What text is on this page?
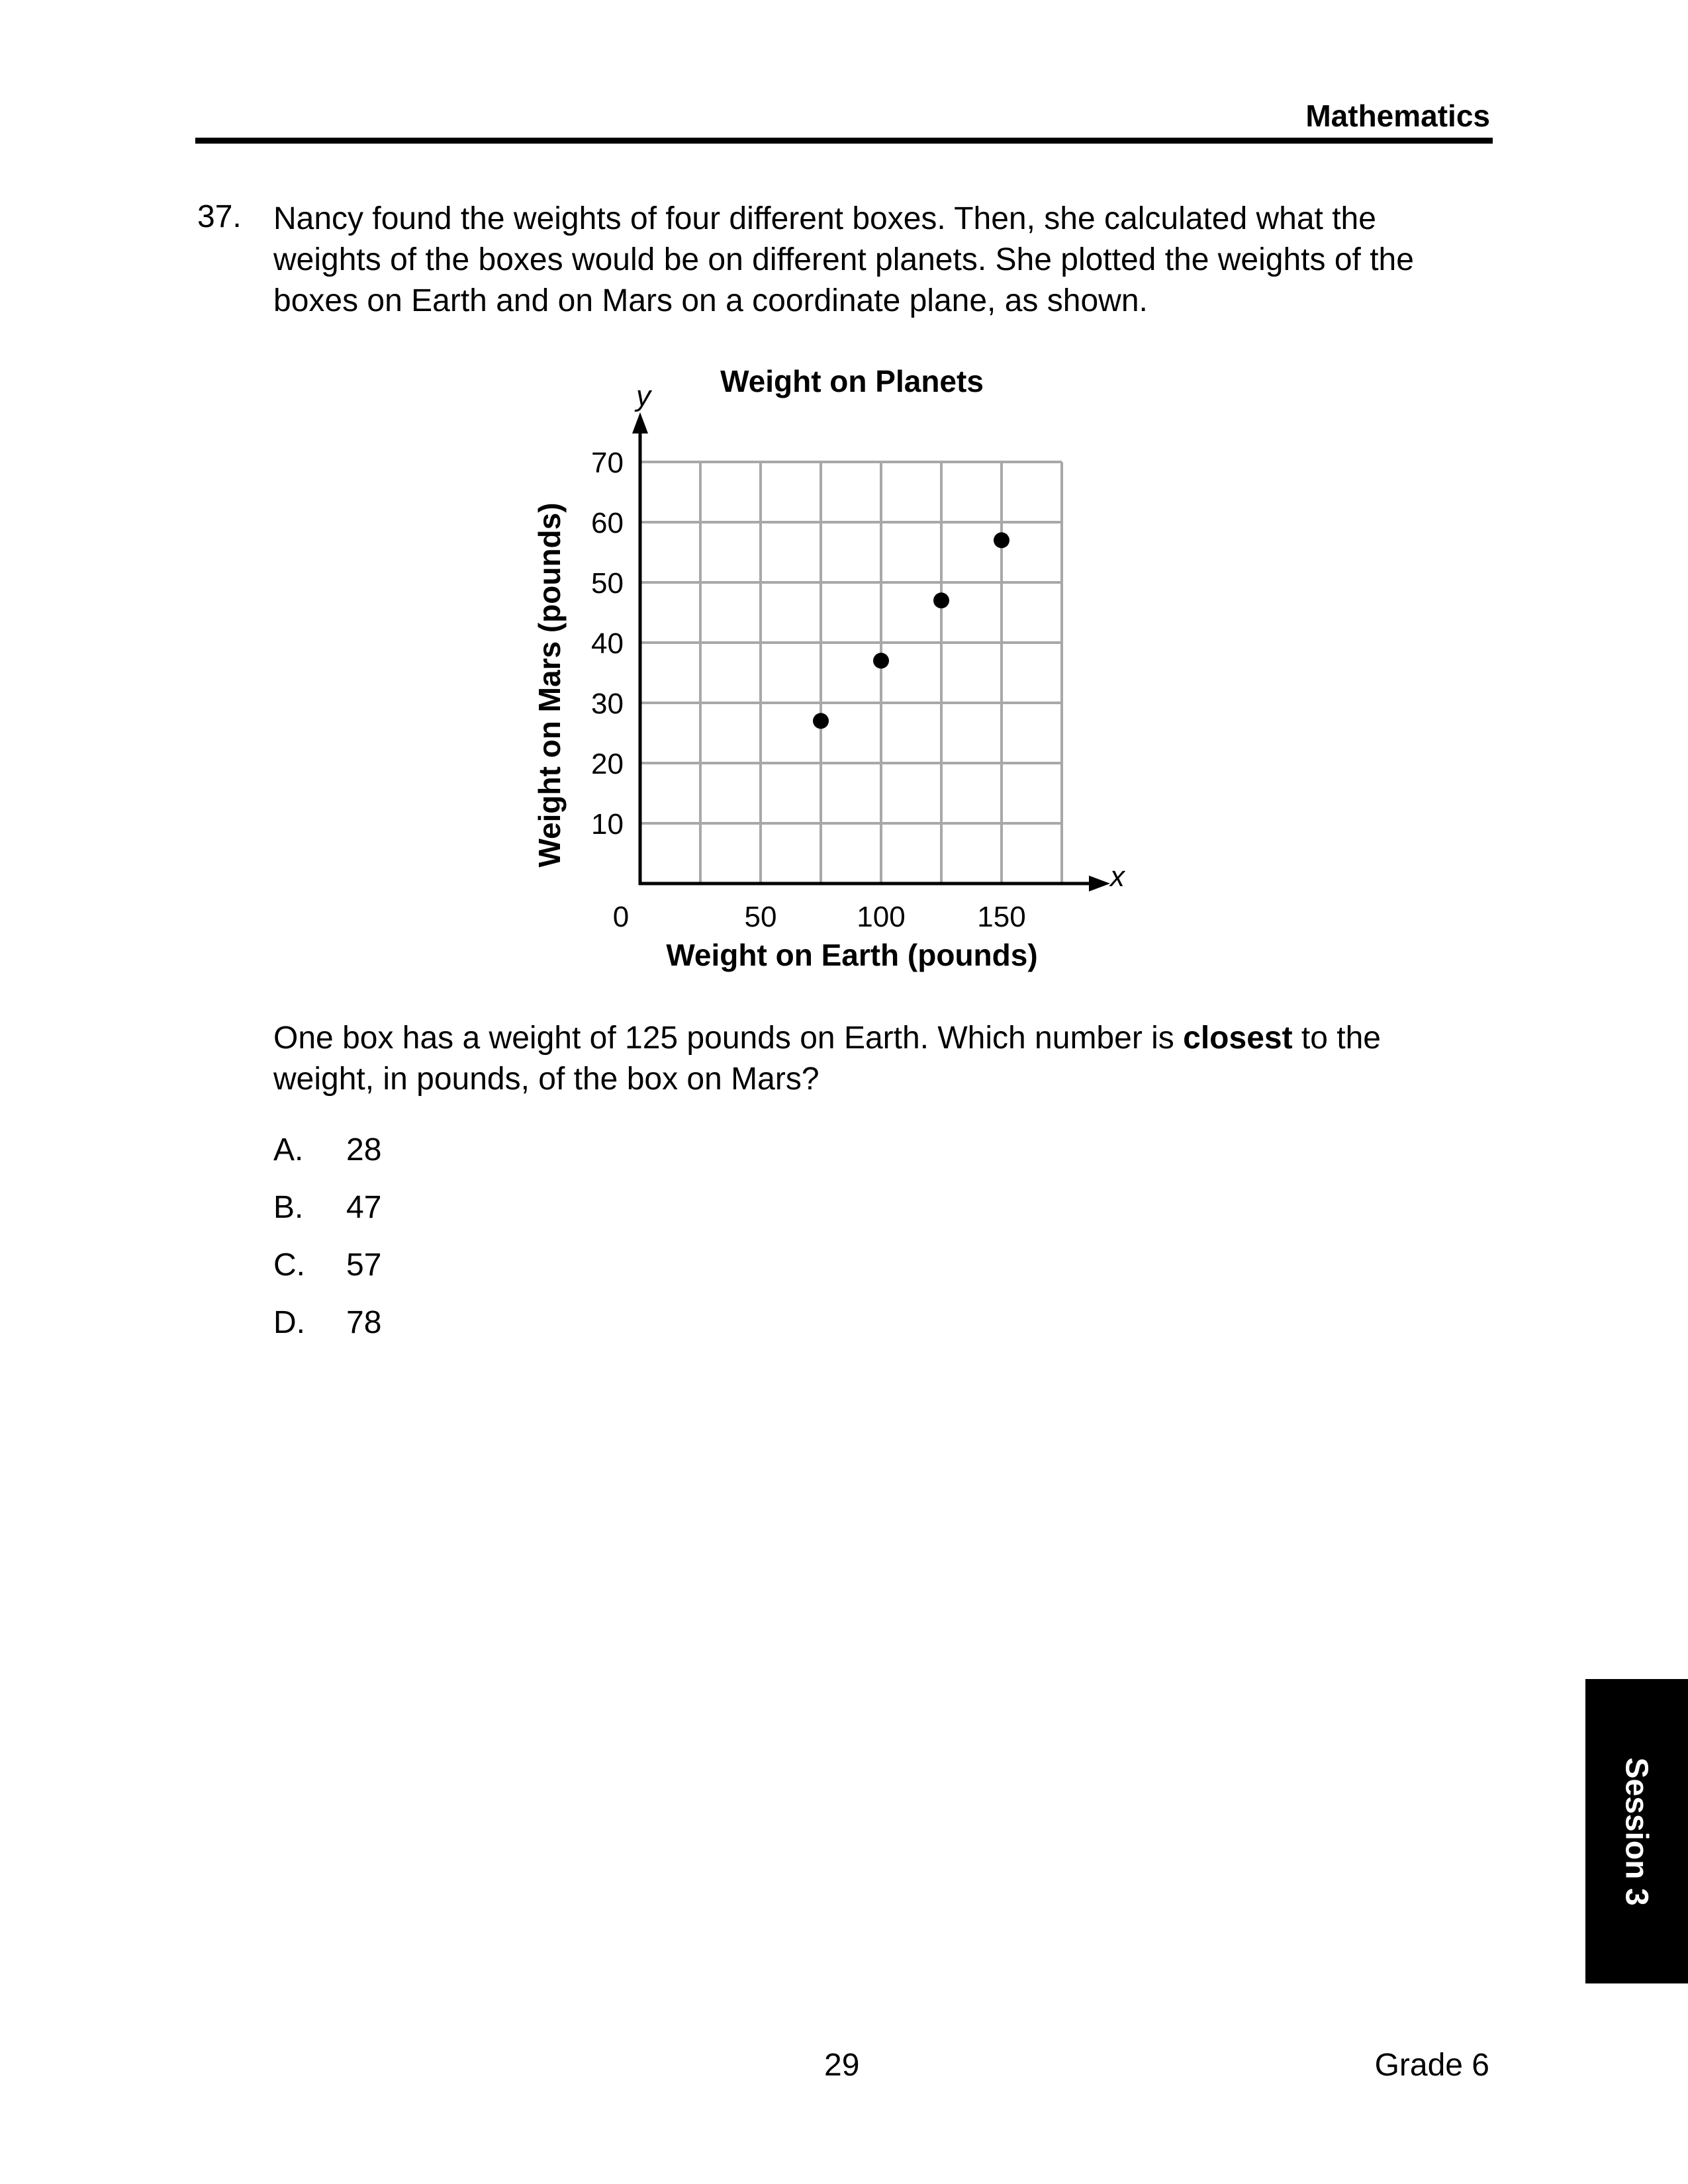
Mathematics
37. Nancy found the weights of four different boxes. Then, she calculated what the
weights of the boxes would be on different planets. She plotted the weights of the
boxes on Earth and on Mars on a coordinate plane, as shown.
50	100 150
10
20
30
40
50
60
70
Weight on Planets
Weight on Earth (pounds)
Weight on Mars (pounds)
y
x
0
One box has a weight of 125 pounds on Earth. Which number is closest to the
weight, in pounds, of the box on Mars?
A.	28
B.	47
C.	57
D.	78
Session 3
29	Grade 6
